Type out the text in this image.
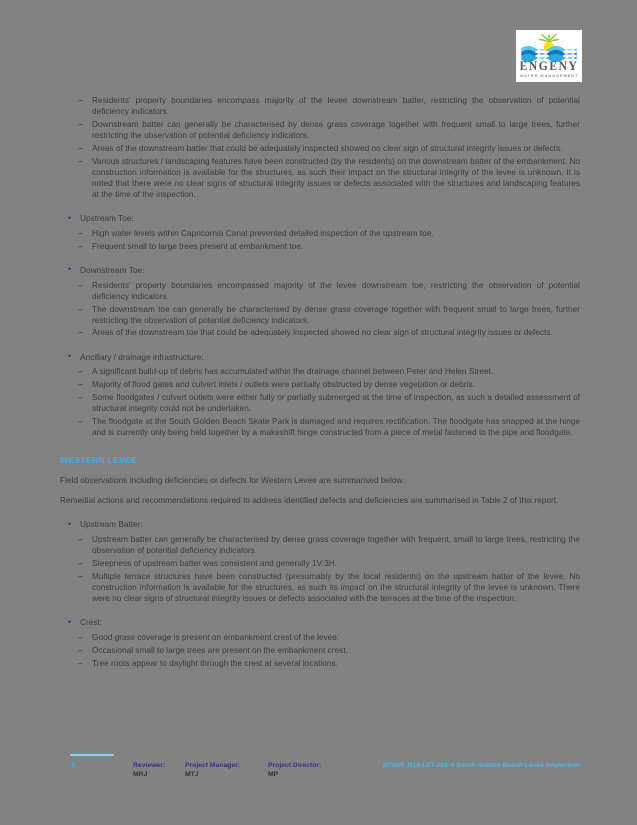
ENGENY
WATER MANAGEMENT
– Residents' property boundaries encompass majority of the levee downstream batter, restricting the observation of potential deficiency indicators.
– Downstream batter can generally be characterised by dense grass coverage together with frequent small to large trees, further restricting the observation of potential deficiency indicators.
– Areas of the downstream batter that could be adequately inspected showed no clear sign of structural integrity issues or defects.
– Various structures / landscaping features have been constructed (by the residents) on the downstream batter of the embankment. No construction information is available for the structures, as such their impact on the structural integrity of the levee is unknown. It is noted that there were no clear signs of structural integrity issues or defects associated with the structures and landscaping features at the time of the inspection.
• Upstream Toe:
– High water levels within Capricornia Canal prevented detailed inspection of the upstream toe.
– Frequent small to large trees present at embankment toe.
• Downstream Toe:
– Residents' property boundaries encompassed majority of the levee downstream toe, restricting the observation of potential deficiency indicators.
– The downstream toe can generally be characterised by dense grass coverage together with frequent small to large trees, further restricting the observation of potential deficiency indicators.
– Areas of the downstream toe that could be adequately inspected showed no clear sign of structural integrity issues or defects.
• Ancillary / drainage infrastructure:
– A significant build-up of debris has accumulated within the drainage channel between Peter and Helen Street.
– Majority of flood gates and culvert inlets / outlets were partially obstructed by dense vegetation or debris.
– Some floodgates / culvert outlets were either fully or partially submerged at the time of inspection, as such a detailed assessment of structural integrity could not be undertaken.
– The floodgate at the South Golden Beach Skate Park is damaged and requires rectification. The floodgate has snapped at the hinge and is currently only being held together by a makeshift hinge constructed from a piece of metal fastened to the pipe and floodgate.
WESTERN LEVEE

Field observations including deficiencies or defects for Western Levee are summarised below.

Remedial actions and recommendations required to address identified defects and deficiencies are summarised in Table 2 of this report.

• Upstream Batter:
– Upstream batter can generally be characterised by dense grass coverage together with frequent, small to large trees, restricting the observation of potential deficiency indicators.
– Steepness of upstream batter was consistent and generally 1V:3H.
– Multiple terrace structures have been constructed (presumably by the local residents) on the upstream batter of the levee. No construction information is available for the structures, as such its impact on the structural integrity of the levee is unknown. There were no clear signs of structural integrity issues or defects associated with the terraces at the time of the inspection.
• Crest:
– Good grass coverage is present on embankment crest of the levee.
– Occasional small to large trees are present on the embankment crest.
– Tree roots appear to daylight through the crest at several locations.
5	Reviewer:
MRJ
Project Manager:
MTJ
Project Director:
MP
M7005_R16-LET-001-0 South Golden Beach Levee Inspection
